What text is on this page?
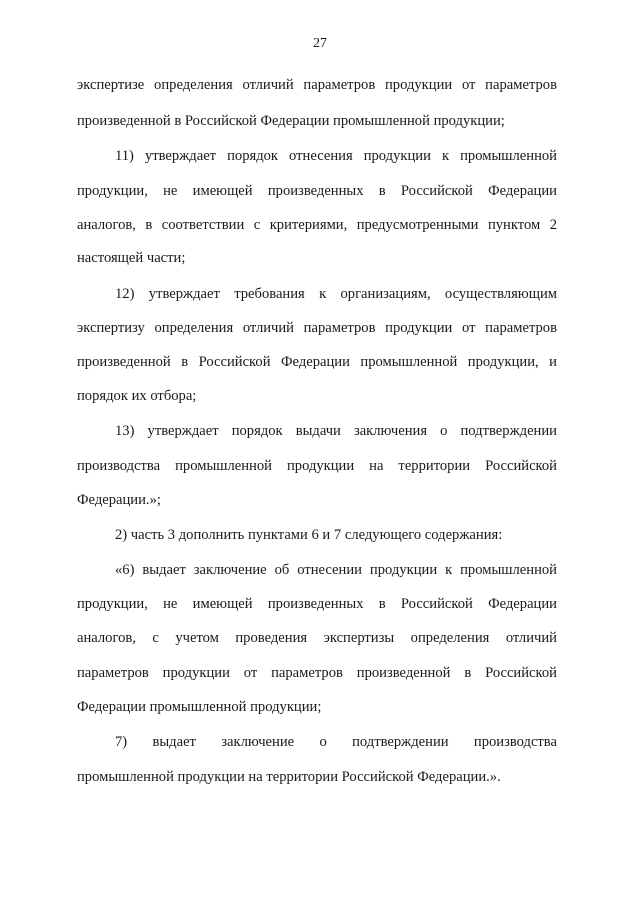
27
экспертизе определения отличий параметров продукции от параметров
произведенной в Российской Федерации промышленной продукции;
11) утверждает порядок отнесения продукции к промышленной
продукции, не имеющей произведенных в Российской Федерации
аналогов, в соответствии с критериями, предусмотренными пунктом 2
настоящей части;
12) утверждает требования к организациям, осуществляющим
экспертизу определения отличий параметров продукции от параметров
произведенной в Российской Федерации промышленной продукции, и
порядок их отбора;
13) утверждает порядок выдачи заключения о подтверждении
производства промышленной продукции на территории Российской
Федерации.»;
2) часть 3 дополнить пунктами 6 и 7 следующего содержания:
«6) выдает заключение об отнесении продукции к промышленной
продукции, не имеющей произведенных в Российской Федерации
аналогов, с учетом проведения экспертизы определения отличий
параметров продукции от параметров произведенной в Российской
Федерации промышленной продукции;
7) выдает заключение о подтверждении производства
промышленной продукции на территории Российской Федерации.».
